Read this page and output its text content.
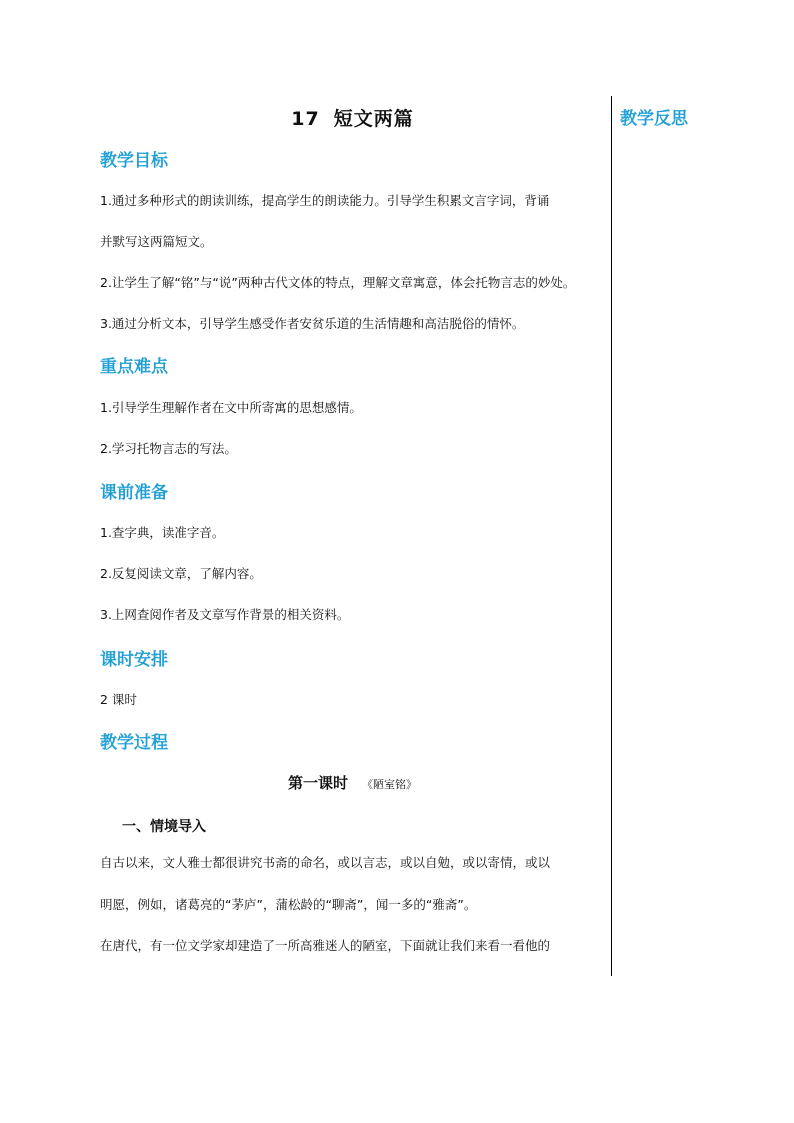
教学反思
17 短文两篇
教学目标
1.通过多种形式的朗读训练，提高学生的朗读能力。引导学生积累文言字词，背诵
并默写这两篇短文。
2.让学生了解“铭”与“说”两种古代文体的特点，理解文章寓意，体会托物言志的妙处。
3.通过分析文本，引导学生感受作者安贫乐道的生活情趣和高洁脱俗的情怀。
重点难点
1.引导学生理解作者在文中所寄寓的思想感情。
2.学习托物言志的写法。
课前准备
1.查字典，读准字音。
2.反复阅读文章，了解内容。
3.上网查阅作者及文章写作背景的相关资料。
课时安排
2 课时
教学过程
第一课时 《陋室铭》
一、情境导入
自古以来，文人雅士都很讲究书斋的命名，或以言志，或以自勉，或以寄情，或以
明愿，例如，诸葛亮的“茅庐”，蒲松龄的“聊斋”，闻一多的“雅斋”。
在唐代，有一位文学家却建造了一所高雅迷人的陋室，下面就让我们来看一看他的
